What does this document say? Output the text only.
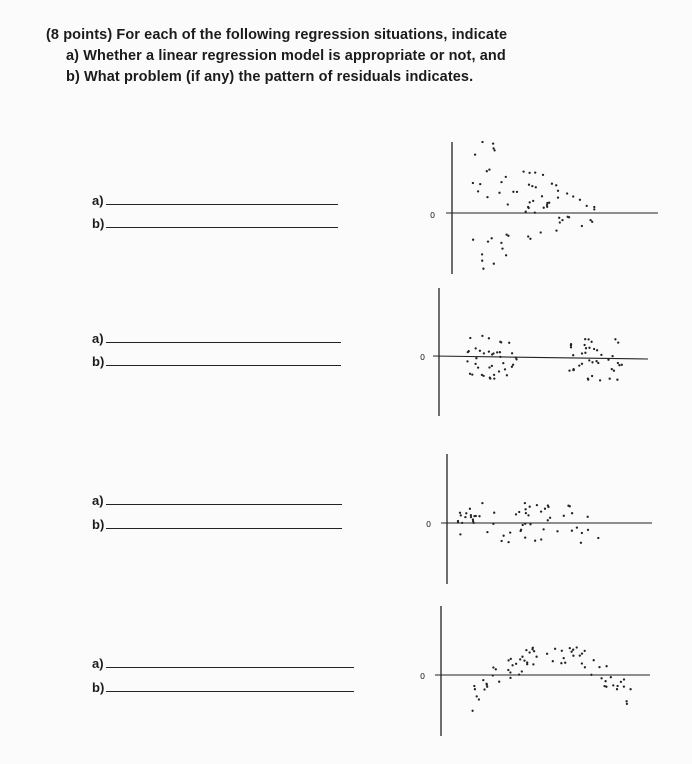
(8 points) For each of the following regression situations, indicate
a) Whether a linear regression model is appropriate or not, and
b) What problem (if any) the pattern of residuals indicates.
a)
b)
a)
b)
a)
b)
a)
b)
0
0
0
0
